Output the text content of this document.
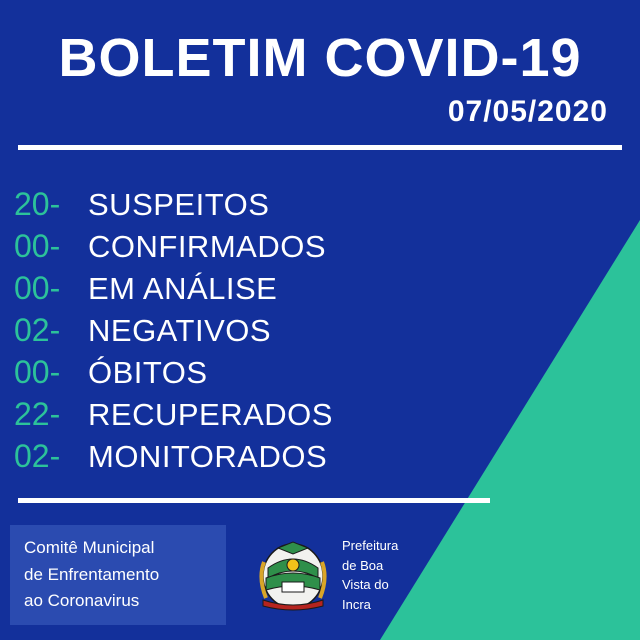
BOLETIM COVID-19
07/05/2020
20- SUSPEITOS
00- CONFIRMADOS
00- EM ANÁLISE
02- NEGATIVOS
00- ÓBITOS
22- RECUPERADOS
02- MONITORADOS
Comitê Municipal
de Enfrentamento
ao Coronavirus
Prefeitura
de Boa
Vista do
Incra
